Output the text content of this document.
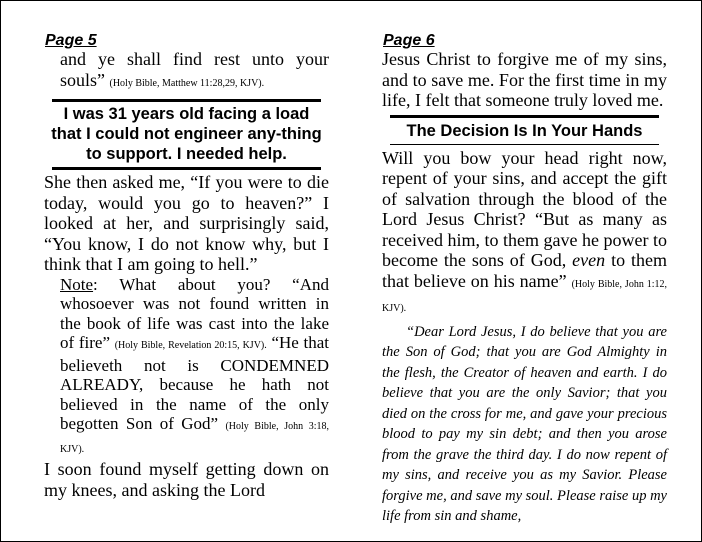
Page 5

and ye shall find rest unto your souls” (Holy Bible, Matthew 11:28,29, KJV).

I was 31 years old facing a load that I could not engineer any-thing to support. I needed help.

She then asked me, “If you were to die today, would you go to heaven?” I looked at her, and surprisingly said, “You know, I do not know why, but I think that I am going to hell.”

Note: What about you? “And whosoever was not found written in the book of life was cast into the lake of fire” (Holy Bible, Revelation 20:15, KJV). “He that believeth not is CONDEMNED ALREADY, because he hath not believed in the name of the only begotten Son of God” (Holy Bible, John 3:18, KJV).

I soon found myself getting down on my knees, and asking the Lord

Page 6

Jesus Christ to forgive me of my sins, and to save me. For the first time in my life, I felt that someone truly loved me.

The Decision Is In Your Hands

Will you bow your head right now, repent of your sins, and accept the gift of salvation through the blood of the Lord Jesus Christ? “But as many as received him, to them gave he power to become the sons of God, even to them that believe on his name” (Holy Bible, John 1:12, KJV).

“Dear Lord Jesus, I do believe that you are the Son of God; that you are God Almighty in the flesh, the Creator of heaven and earth. I do believe that you are the only Savior; that you died on the cross for me, and gave your precious blood to pay my sin debt; and then you arose from the grave the third day. I do now repent of my sins, and receive you as my Savior. Please forgive me, and save my soul. Please raise up my life from sin and shame,
